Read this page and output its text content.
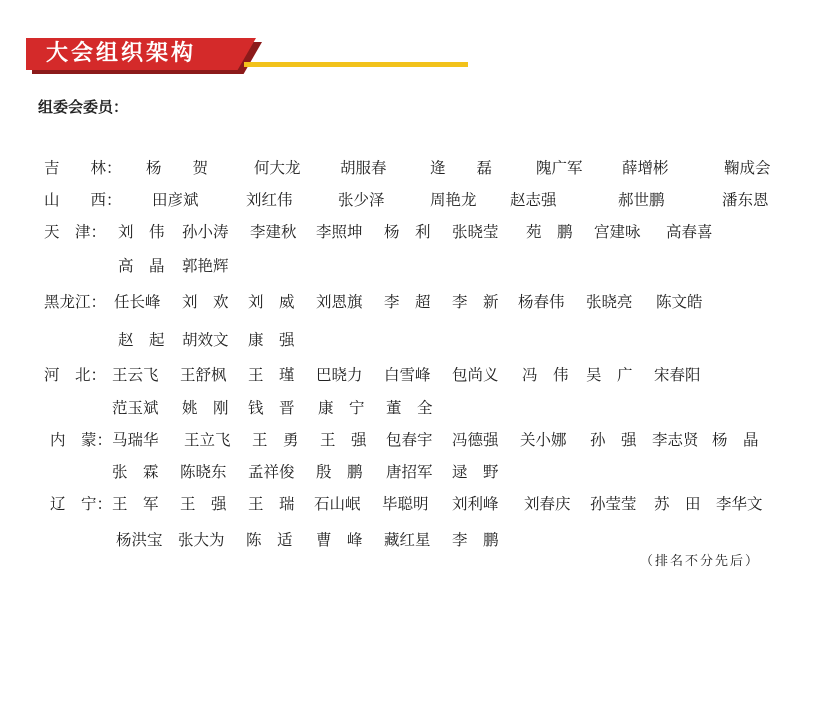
大会组织架构
组委会委员：
吉　　林： 杨　　贺	何大龙	胡服春	逄　　磊	隗广军	薛增彬	鞠成会
山　　西： 田彦斌	刘红伟	张少泽	周艳龙 赵志强	郝世鹏	潘东恩
天　津： 刘　伟 孙小涛 李建秋 李照坤 杨　利 张晓莹 苑　鹏 宫建咏 高春喜
高　晶 郭艳辉
黑龙江： 任长峰 刘　欢 刘　威 刘恩旗 李　超 李　新 杨春伟 张晓亮 陈文皓
赵　起 胡效文 康　强
河　北： 王云飞 王舒枫 王　瑾 巴晓力 白雪峰 包尚义 冯　伟 吴　广 宋春阳
范玉斌 姚　刚 钱　晋 康　宁 董　全
内　蒙： 马瑞华 王立飞 王　勇 王　强 包春宇 冯德强 关小娜 孙　强 李志贤 杨　晶
张　霖 陈晓东 孟祥俊 殷　鹏 唐招军 逯　野
辽　宁： 王　军 王　强 王　瑞 石山岷 毕聪明 刘利峰 刘春庆 孙莹莹 苏　田 李华文
杨洪宝 张大为 陈　适 曹　峰 藏红星 李　鹏
（排名不分先后）
